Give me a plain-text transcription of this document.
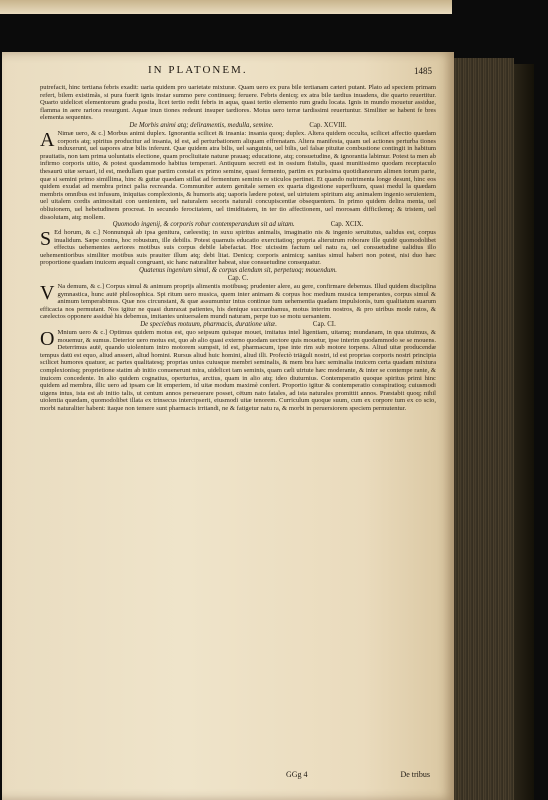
IN PLATONEM.	1485

putrefacit, hinc tertiana febris exadit: uaria quidem pro uarietate mixturæ. Quam uero ex pura bile tertianam cæteri putant. Plato ad speciem primam refert, bilem existimãs, si pura fuerit ignis instar summo pere continueq; feruere. Febris denicq; ex atra bile tardius inuadens, die quarto reuertitur. Quarto uidelicet elementorum gradu posita, licet tertio redit febris in aqua, quasi tertio elemento rum gradu locata. Ignis in mundo mouetur assidue, flamma in aere rariora resurgunt. Aquæ inun tiones redeunt insuper tardiores. Motus uero terræ tardissimi reuertuntur. Similiter se habent fe bres elementa sequentes.

De Morbis animi atq; deliramentis, medulla, semine.	Cap. XCVIII.

A Nimæ uero, & c.] Morbus animi duplex. Ignorantia scilicet & insania: insania quoq; duplex. Altera quidem occulta, scilicet affectio quædam corporis atq; spiritus producitur ad insania, id est, ad perturbationem aliquam effrenatam. Altera manifesta, quam uel actiones perturba tiones induxerunt, uel uapores atræ bilis inferunt. Quæ quidem atra bilis, uel sanguinis, uel bilis, uel falsæ pituitæ combustione contingit in habitum prauitatis, non tam prima uoluntatis electione, quam procliuitate naturæ prauaq; educatione, atq; consuetudine, & ignorantia labimur. Potest ta men ab infirmo corporis uitio, & potest quodammodo habitus temperari. Antiquum secreti est in ossium fistulis, quasi munitissimo quodam receptaculo thesaurū uitæ seruari, id est, medullam quæ partim constat ex primo semine, quasi fermento, partim ex purissima quotidianorum alimen torum parte, quæ si semini primo simillima, hinc & guttæ quædam stillat ad fermentum seminis re sticulos pertinet. Et quando nutrimenta longe desunt, hinc eos quidem exudat ad membra princi palia recreanda. Communiter autem genitale semen ex quarta digestione superfluum, quasi medul la quædam membris omnibus est infusum, iniquitas complexionis, & humoris atq; uaporis lædere potest, uel uirtutem spiritum atq; animalem ingenio seruientem, uel uitalem cordis animositati con uenientem, uel naturalem secoris naturali concupiscentiæ obsequentem. In primo quidem delira menta, uel obliuionem, uel hebetudinem procreat. In secundo ferocitatem, uel timiditatem, in ter tio affectionem, uel morosam difficilemq; & tristem, uel dissolutam, atq; mollem.

Quomodo ingenij, & corporis robur contemperandum sit ad uitam.	Cap. XCIX.

S Ed horum, & c.] Nonnunquã ab ipsa genitura, cæleestiq; in suxu spiritus animalis, imaginatio nis & ingenio seruitutus, ualidus est, corpus inualidum. Sæpe contra, hoc robustum, ille debilis. Potest quamuis educatio exercitatioq; propria alterutrum roborare ille quidē quomodolibet effectus uehementes aeriores motibus suis corpus debile labefactat. Hoc uicissim factum uel natu ra, uel consuetudine ualidius illo uehementioribus similiter motibus suis prauiter illum atq; debi litat. Denicq; corporis animicq; sanitas simul haberi non potest, nisi duo hæc proportione quadam inuicem æquali congruant, sic hanc naturaliter habeat, siue consuetudine consequatur.

Quatenus ingenium simul, & corpus alendum sit, perpetuoq; mouendum.

Cap. C.

V Na demum, & c.] Corpus simul & animum proprijs alimentis motibusq; prudenter alere, au gere, confirmare debemus. Illud quidem disciplina gymnastica, hunc autē philosophica. Spi ritum uero musica, quem inter animam & corpus hoc medium musica temperantes, corpus simul & animum temperabimus. Quæ nos circunstant, & quæ assumuntur intus continue tum uehementia quadam impulsionis, tum qualitatum suarum efficacia nos permutant. Nos igitur ne quasi dunraxat patientes, his denique succumbamus, motus interim nostros, & pro uiribus mode ratos, & cæelectos opponere assiduè his debemus, imitantes uniuersalem mundi naturam, perpe tuo se motu uersantem.

De speciebus motuum, pharmacis, duratione uitæ.	Cap. CI.

O Mnium uero & c.] Optimus quidem motus est, quo seipsum quisque mouet, imitatus intel ligentiam, uitamq; mundanam, in qua uiuimus, & mouemur, & sumus. Deterior uero motus est, quo ab alio quasi externo quodam uectore quis mouetur, ipse interim quodammodo se se mouens. Deterrimus autē, quando uiolentum intro motorem sumpsit, id est, pharmacum, ipse inte rim sub motore torpens. Aliud uitæ producendæ tempus datū est equo, aliud ansseri, aliud homini. Rursus aliud huic homini, aliud illi. Profectò triāguli nostri, id est proprias corporis nostri principia scilicet humores quatuor, ac partes qualitatesq; proprias unius cuiusque membri seminalis, & mem bra hæc seminalia inuicem certa quadam mixtura complexionisq; proprietione statim ab initio conuenerunt mira, uidelicet tam seminis, quam cæli uirtute hæc moderante, & inter se contempe rante, & inuicem concedente. In alio quidem cognatius, operturius, arctius, quam in alio atq; ideo diuturnius. Contemperatio quoque spiritus primi hinc quidem ad membra, illic uero ad ipsam cæ lit emperiem, id uitæ modum maximè confert. Proportio igitur & contemperatio conspiratioq; cuiusmodi uigens intus, ista est ab initio talis, ut centum annos perseuerare posset, cētum nato fatales, ad ista naturales promittit annos. Præstabit quoq; nihil uiolentia quædam, quomodolibet illata ex trinsecus intercipserit, eiusmodi uitæ tenorem. Curriculum quoque suum, cum ex corpore tum ex co scio, morbi naturaliter habent: itaque non temere sunt pharmacis irritandi, ne & fatigetur natu ra, & morbi in peruersiorem speciem permutentur.

GGg 4	De tribus
